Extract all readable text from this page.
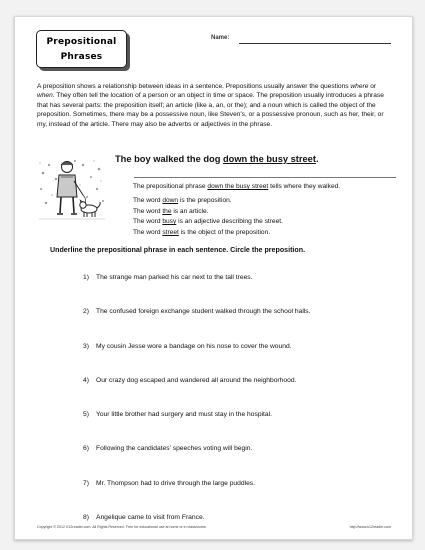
Prepositional
Phrases
Name:
A preposition shows a relationship between ideas in a sentence. Prepositions usually answer the questions where or when. They often tell the location of a person or an object in time or space. The preposition usually introduces a phrase that has several parts: the preposition itself; an article (like a, an, or the); and a noun which is called the object of the preposition. Sometimes, there may be a possessive noun, like Steven's, or a possessive pronoun, such as her, their, or my, instead of the article. There may also be adverbs or adjectives in the phrase.
The boy walked the dog down the busy street.
The prepositional phrase down the busy street tells where they walked.
The word down is the preposition.
The word the is an article.
The word busy is an adjective describing the street.
The word street is the object of the preposition.
Underline the prepositional phrase in each sentence. Circle the preposition.
1) The strange man parked his car next to the tall trees.
2) The confused foreign exchange student walked through the school halls.
3) My cousin Jesse wore a bandage on his nose to cover the wound.
4) Our crazy dog escaped and wandered all around the neighborhood.
5) Your little brother had surgery and must stay in the hospital.
6) Following the candidates' speeches voting will begin.
7) Mr. Thompson had to drive through the large puddles.
8) Angelique came to visit from France.
Copyright © 2012 K12reader.com. All Rights Reserved. Free for educational use at home or in classrooms.	http://www.k12reader.com
